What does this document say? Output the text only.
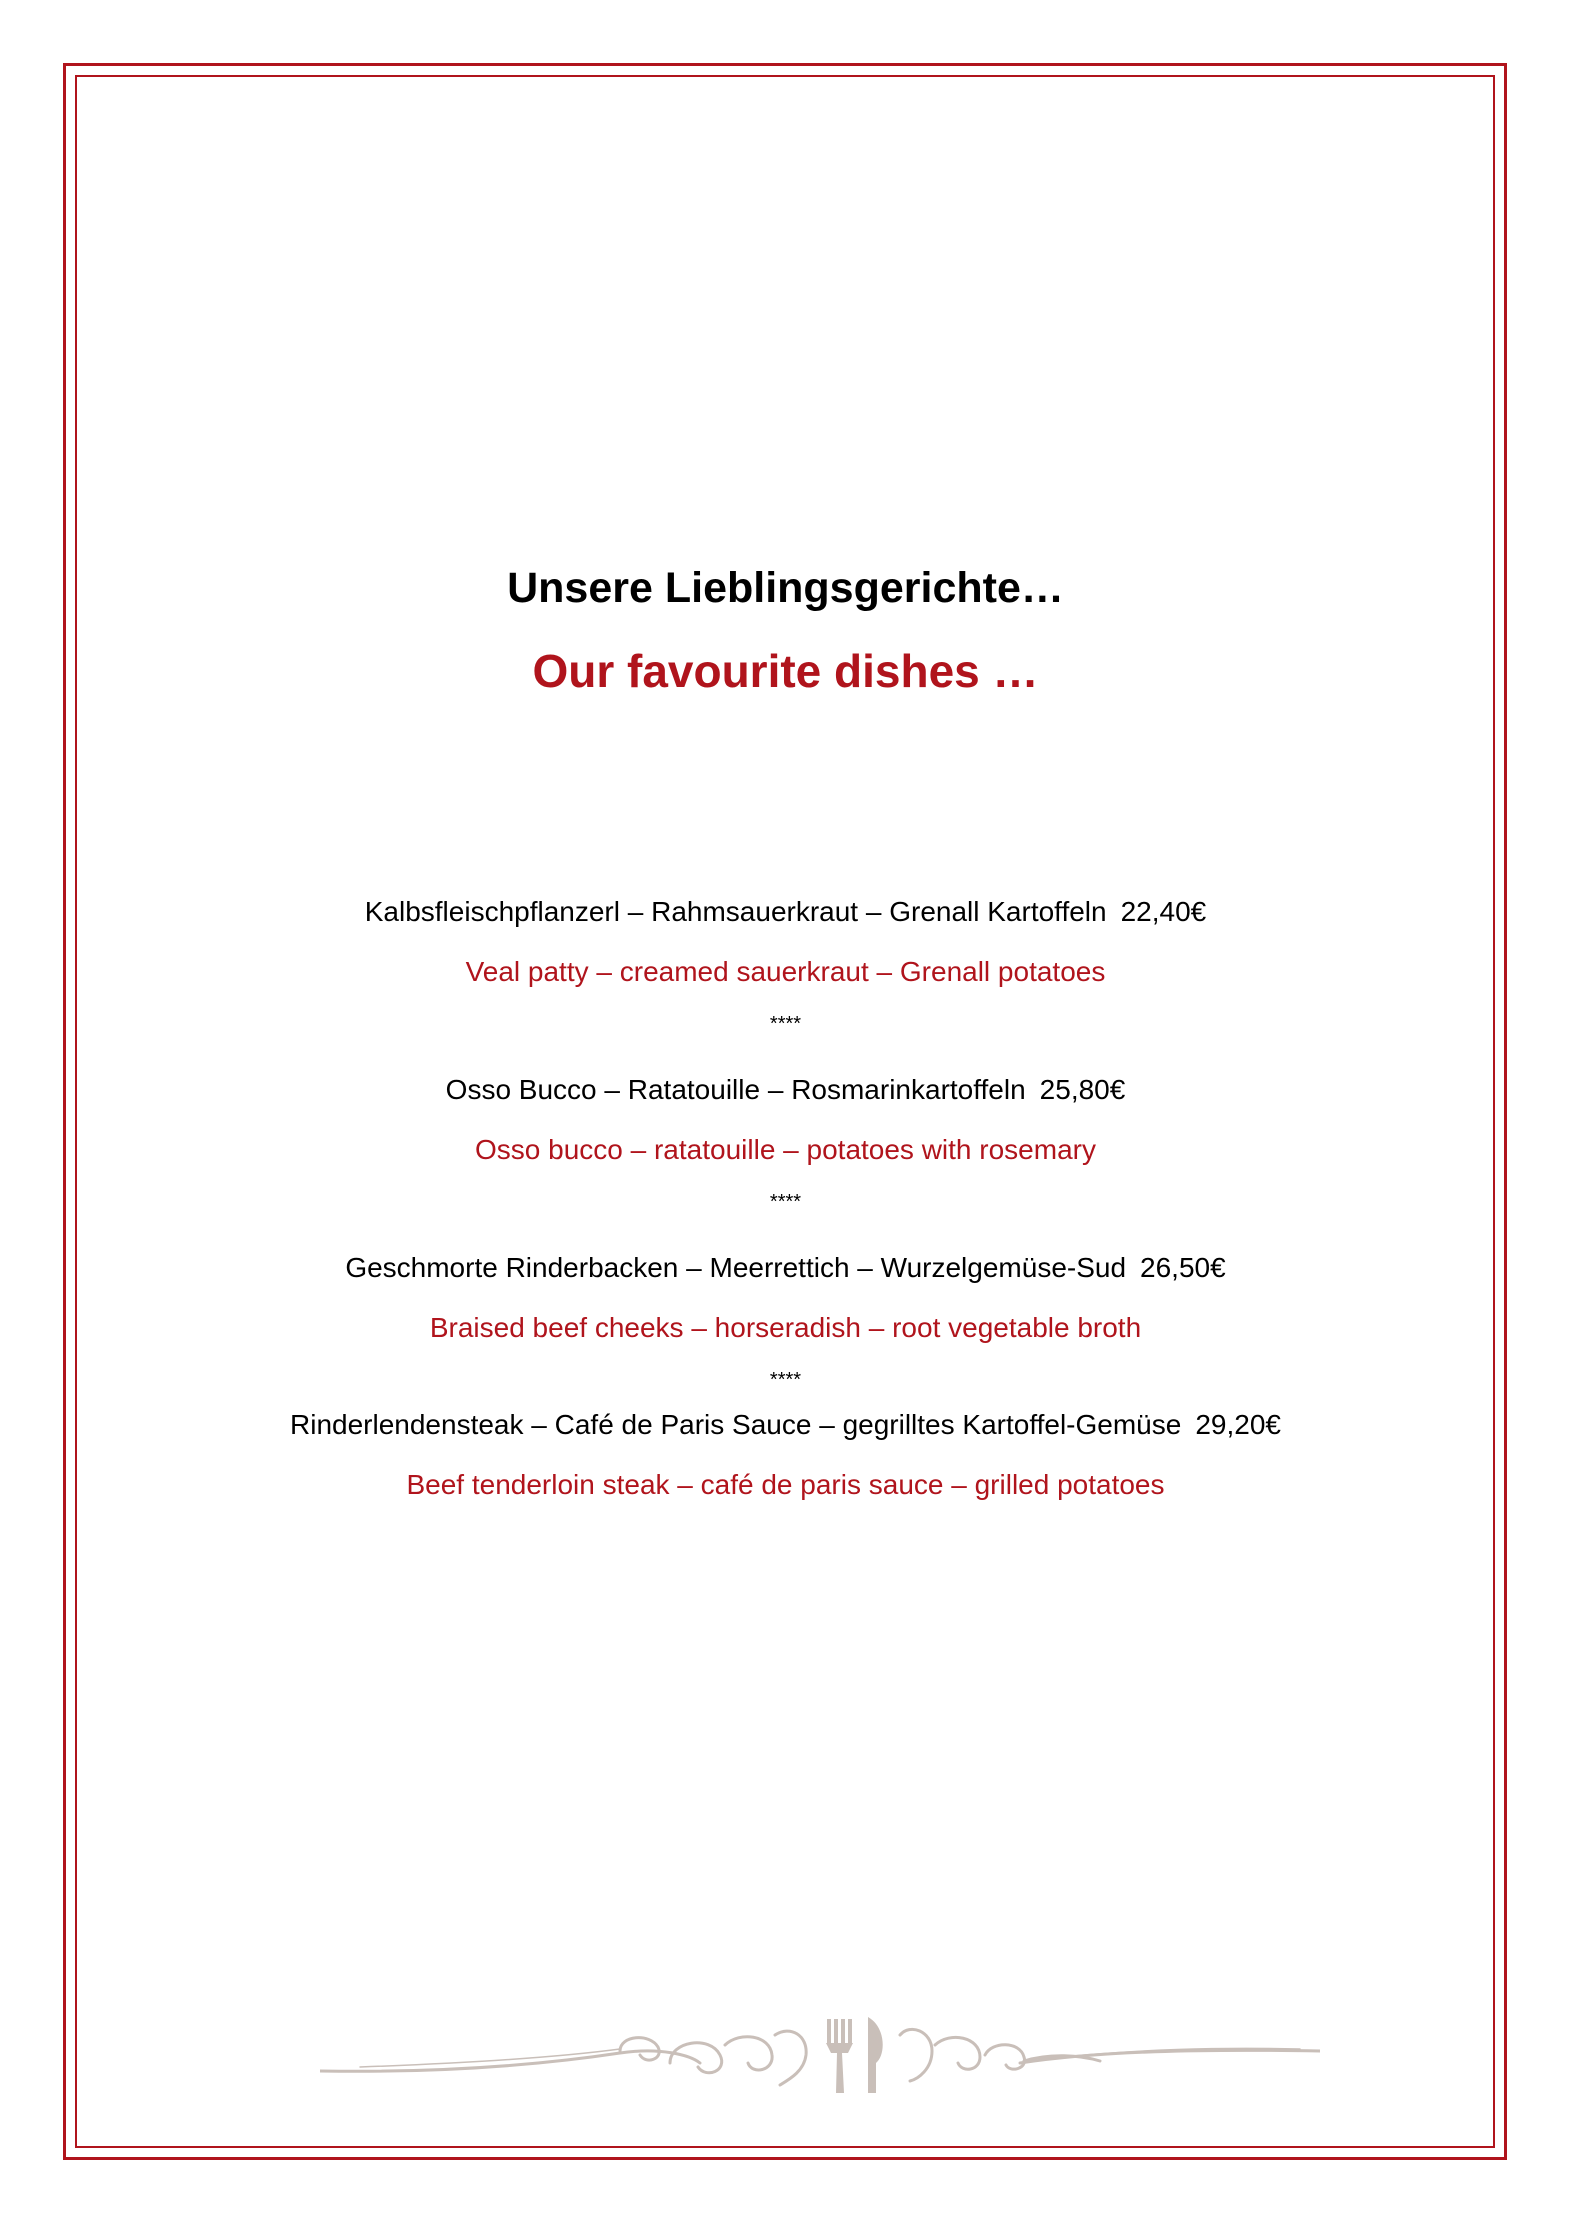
Unsere Lieblingsgerichte…
Our favourite dishes …
Kalbsfleischpflanzerl – Rahmsauerkraut – Grenall Kartoffeln 22,40€
Veal patty – creamed sauerkraut – Grenall potatoes
****
Osso Bucco – Ratatouille – Rosmarinkartoffeln 25,80€
Osso bucco – ratatouille – potatoes with rosemary
****
Geschmorte Rinderbacken – Meerrettich – Wurzelgemüse-Sud 26,50€
Braised beef cheeks – horseradish – root vegetable broth
****
Rinderlendensteak – Café de Paris Sauce – gegrilltes Kartoffel-Gemüse 29,20€
Beef tenderloin steak – café de paris sauce – grilled potatoes
